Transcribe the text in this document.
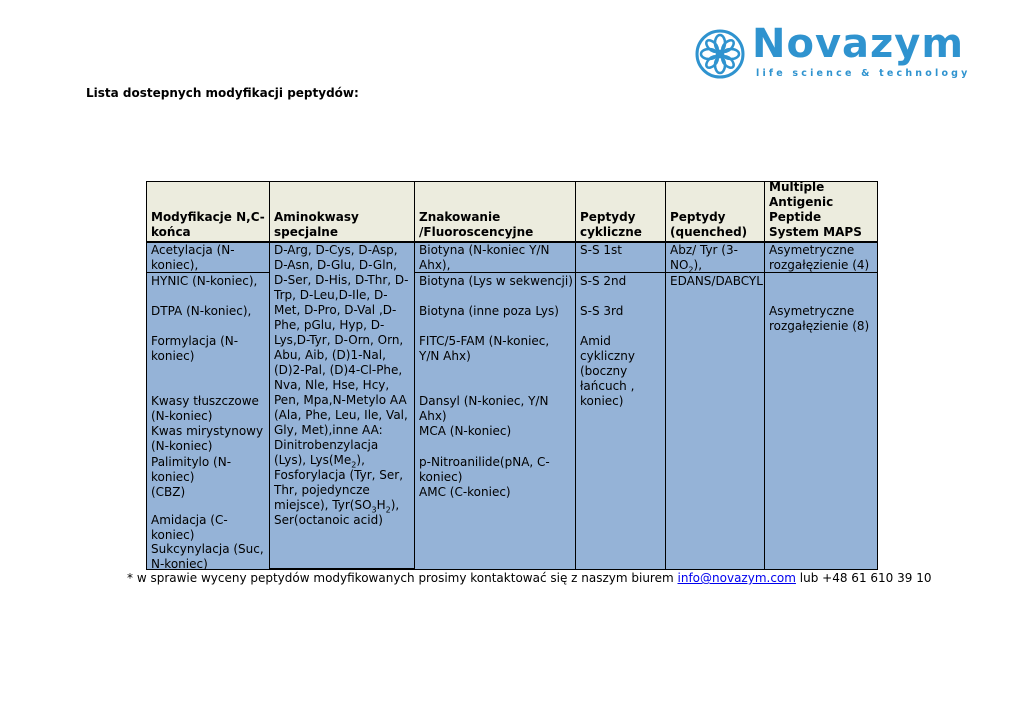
Novazym
life science & technology
Lista dostepnych modyfikacji peptydów:
Modyfikacje N,C-końca
Aminokwasy specjalne
Znakowanie /Fluoroscencyjne
Peptydy cykliczne
Peptydy (quenched)
Multiple Antigenic Peptide System MAPS
Acetylacja (N-koniec),
HYNIC (N-koniec),
DTPA (N-koniec),
Formylacja (N-koniec)
Kwasy tłuszczowe (N-koniec)
Kwas mirystynowy (N-koniec)
Palimitylo (N-koniec)
(CBZ)
Amidacja (C-koniec)
Sukcynylacja (Suc, N-koniec)
D-Arg, D-Cys, D-Asp, D-Asn, D-Glu, D-Gln, D-Ser, D-His, D-Thr, D-Trp, D-Leu,D-Ile, D-Met, D-Pro, D-Val ,D-Phe, pGlu, Hyp, D-Lys,D-Tyr, D-Orn, Orn, Abu, Aib, (D)1-Nal, (D)2-Pal, (D)4-Cl-Phe, Nva, Nle, Hse, Hcy, Pen, Mpa,N-Metylo AA (Ala, Phe, Leu, Ile, Val, Gly, Met),inne AA: Dinitrobenzylacja (Lys), $Lys(Me_2)$, Fosforylacja (Tyr, Ser, Thr, pojedyncze miejsce), $Tyr(SO_3H_2)$, Ser(octanoic acid)
Biotyna (N-koniec Y/N Ahx),
Biotyna (Lys w sekwencji)
Biotyna (inne poza Lys)
FITC/5-FAM (N-koniec, Y/N Ahx)
Dansyl (N-koniec, Y/N Ahx)
MCA (N-koniec)
p-Nitroanilide(pNA, C-koniec)
AMC (C-koniec)
S-S 1st
S-S 2nd
S-S 3rd
Amid cykliczny (boczny łańcuch , koniec)
Abz/ Tyr $(3-NO_2)$,
EDANS/DABCYL
Asymetryczne rozgałęzienie (4)
Asymetryczne rozgałęzienie (8)
* w sprawie wyceny peptydów modyfikowanych prosimy kontaktować się z naszym biurem info@novazym.com lub +48 61 610 39 10
